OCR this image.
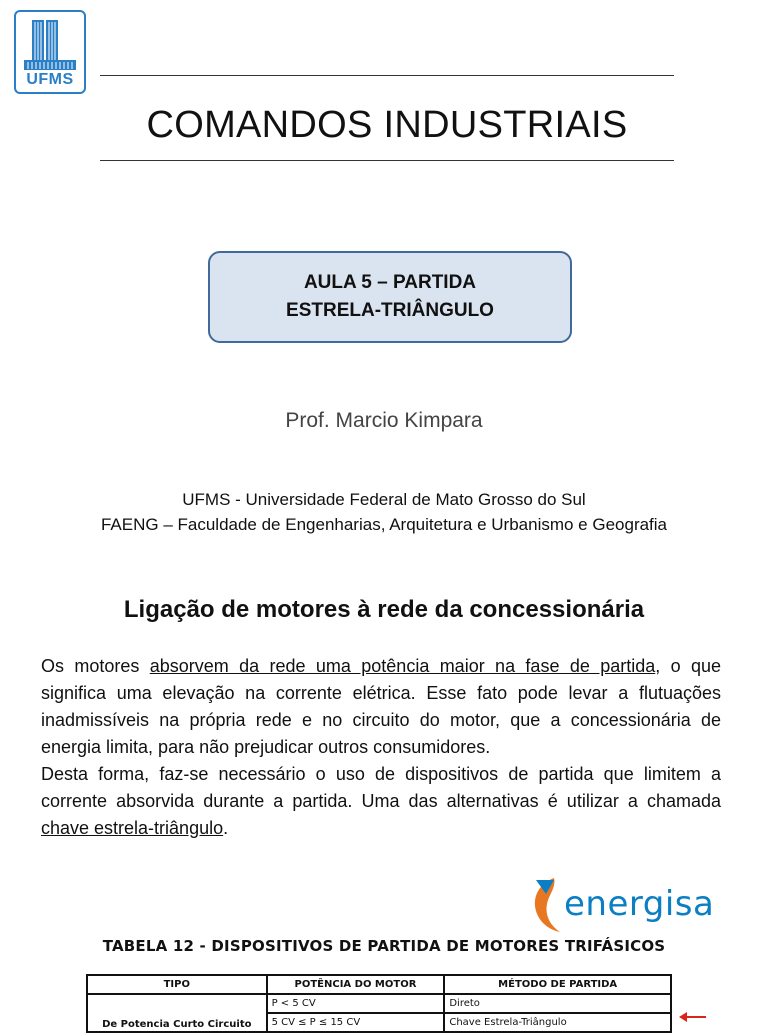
UFMS
COMANDOS INDUSTRIAIS
AULA 5 – PARTIDA
ESTRELA-TRIÂNGULO
Prof. Marcio Kimpara
UFMS - Universidade Federal de Mato Grosso do Sul
FAENG – Faculdade de Engenharias, Arquitetura e Urbanismo e Geografia
Ligação de motores à rede da concessionária

Os motores absorvem da rede uma potência maior na fase de partida, o que significa uma elevação na corrente elétrica. Esse fato pode levar a flutuações inadmissíveis na própria rede e no circuito do motor, que a concessionária de energia limita, para não prejudicar outros consumidores.

Desta forma, faz-se necessário o uso de dispositivos de partida que limitem a corrente absorvida durante a partida. Uma das alternativas é utilizar a chamada chave estrela-triângulo.

energisa
TABELA 12 - DISPOSITIVOS DE PARTIDA DE MOTORES TRIFÁSICOS
TIPO	POTÊNCIA DO MOTOR	MÉTODO DE PARTIDA
De Potencia Curto Circuito	P < 5 CV	Direto
	5 CV ≤ P ≤ 15 CV	Chave Estrela-Triângulo
